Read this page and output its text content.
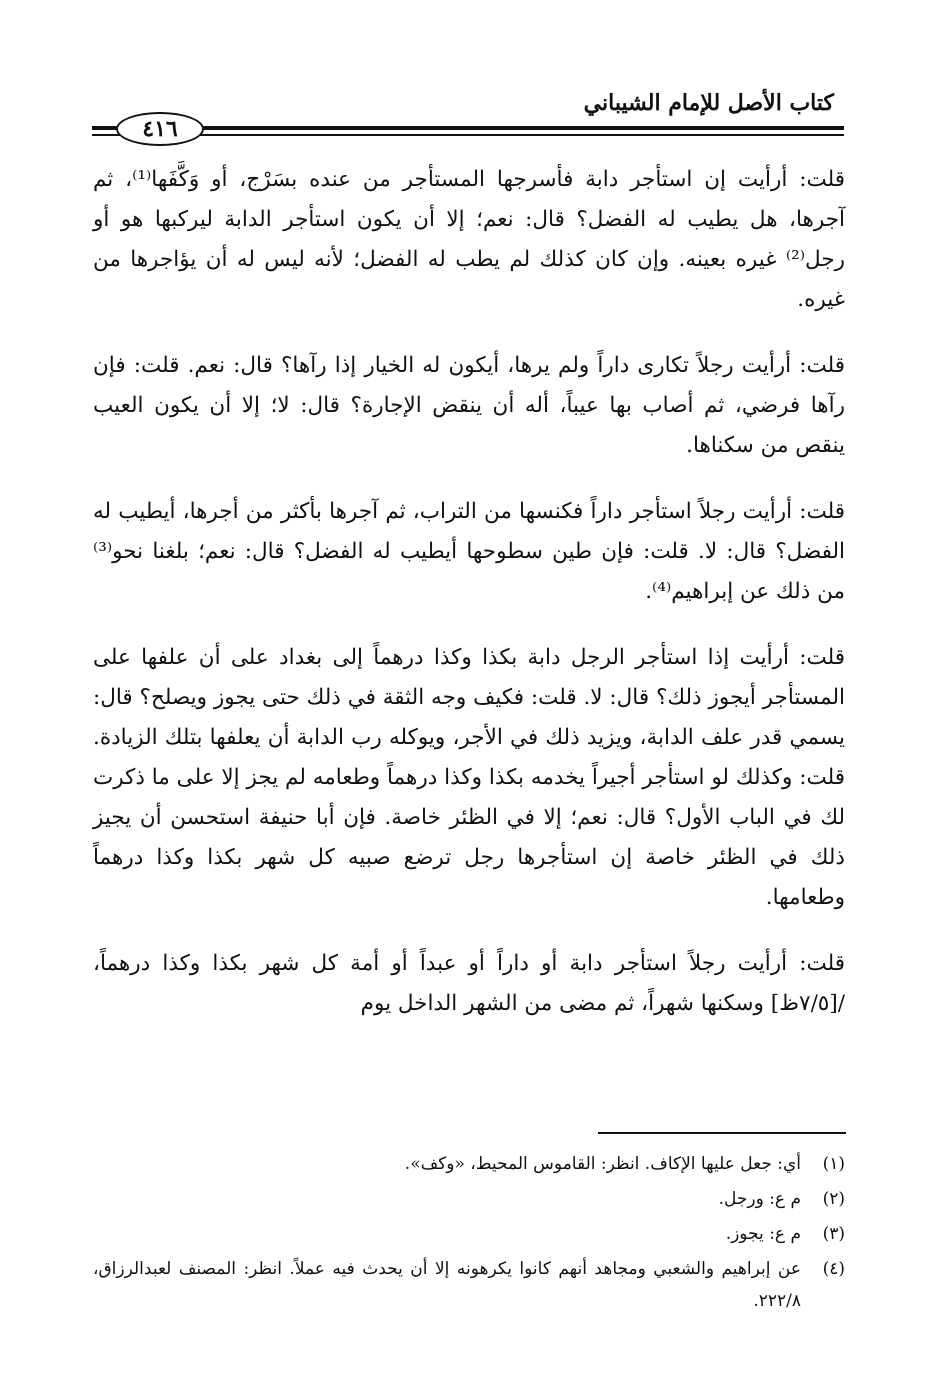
كتاب الأصل للإمام الشيباني
٤١٦

قلت: أرأيت إن استأجر دابة فأسرجها المستأجر من عنده بسَرْج، أو وَكَّفَها⁽¹⁾، ثم آجرها، هل يطيب له الفضل؟ قال: نعم؛ إلا أن يكون استأجر الدابة ليركبها هو أو رجل⁽²⁾ غيره بعينه. وإن كان كذلك لم يطب له الفضل؛ لأنه ليس له أن يؤاجرها من غيره.

قلت: أرأيت رجلاً تكارى داراً ولم يرها، أيكون له الخيار إذا رآها؟ قال: نعم. قلت: فإن رآها فرضي، ثم أصاب بها عيباً، أله أن ينقض الإجارة؟ قال: لا؛ إلا أن يكون العيب ينقص من سكناها.

قلت: أرأيت رجلاً استأجر داراً فكنسها من التراب، ثم آجرها بأكثر من أجرها، أيطيب له الفضل؟ قال: لا. قلت: فإن طين سطوحها أيطيب له الفضل؟ قال: نعم؛ بلغنا نحو⁽³⁾ من ذلك عن إبراهيم⁽⁴⁾.

قلت: أرأيت إذا استأجر الرجل دابة بكذا وكذا درهماً إلى بغداد على أن علفها على المستأجر أيجوز ذلك؟ قال: لا. قلت: فكيف وجه الثقة في ذلك حتى يجوز ويصلح؟ قال: يسمي قدر علف الدابة، ويزيد ذلك في الأجر، ويوكله رب الدابة أن يعلفها بتلك الزيادة. قلت: وكذلك لو استأجر أجيراً يخدمه بكذا وكذا درهماً وطعامه لم يجز إلا على ما ذكرت لك في الباب الأول؟ قال: نعم؛ إلا في الظئر خاصة. فإن أبا حنيفة استحسن أن يجيز ذلك في الظئر خاصة إن استأجرها رجل ترضع صبيه كل شهر بكذا وكذا درهماً وطعامها.

قلت: أرأيت رجلاً استأجر دابة أو داراً أو عبداً أو أمة كل شهر بكذا وكذا درهماً، /[٧/٥ظ] وسكنها شهراً، ثم مضى من الشهر الداخل يوم

(١)
أي: جعل عليها الإكاف. انظر: القاموس المحيط، «وكف».
(٢)
م ع: ورجل.
(٣)
م ع: يجوز.
(٤)
عن إبراهيم والشعبي ومجاهد أنهم كانوا يكرهونه إلا أن يحدث فيه عملاً. انظر: المصنف لعبدالرزاق، ٢٢٢/٨.
